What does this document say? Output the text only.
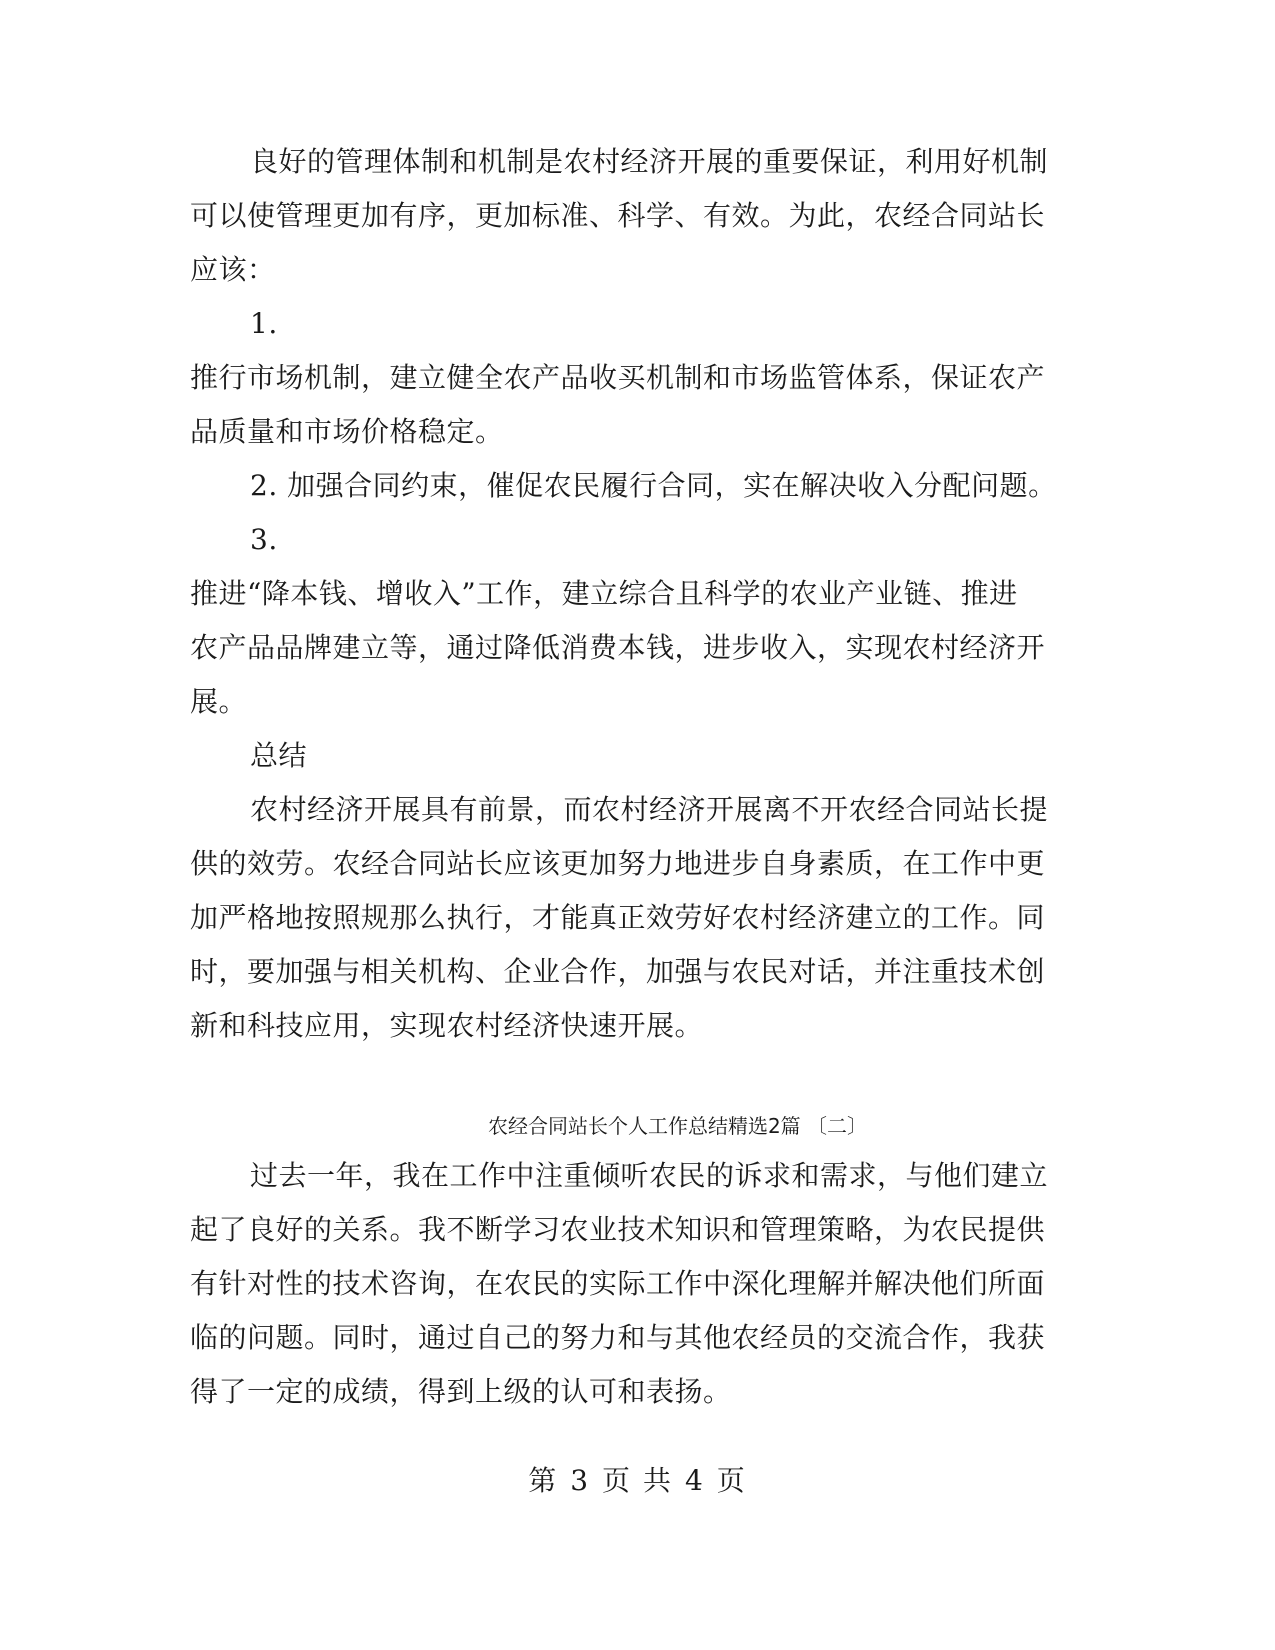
良好的管理体制和机制是农村经济开展的重要保证，利用好机制
可以使管理更加有序，更加标准、科学、有效。为此，农经合同站长
应该：
1.
推行市场机制，建立健全农产品收买机制和市场监管体系，保证农产
品质量和市场价格稳定。
2. 加强合同约束，催促农民履行合同，实在解决收入分配问题。
3.
推进“降本钱、增收入”工作，建立综合且科学的农业产业链、推进
农产品品牌建立等，通过降低消费本钱，进步收入，实现农村经济开
展。
总结
农村经济开展具有前景，而农村经济开展离不开农经合同站长提
供的效劳。农经合同站长应该更加努力地进步自身素质，在工作中更
加严格地按照规那么执行，才能真正效劳好农村经济建立的工作。同
时，要加强与相关机构、企业合作，加强与农民对话，并注重技术创
新和科技应用，实现农村经济快速开展。
农经合同站长个人工作总结精选2篇 〔二〕
过去一年，我在工作中注重倾听农民的诉求和需求，与他们建立
起了良好的关系。我不断学习农业技术知识和管理策略，为农民提供
有针对性的技术咨询，在农民的实际工作中深化理解并解决他们所面
临的问题。同时，通过自己的努力和与其他农经员的交流合作，我获
得了一定的成绩，得到上级的认可和表扬。
第 3 页 共 4 页
